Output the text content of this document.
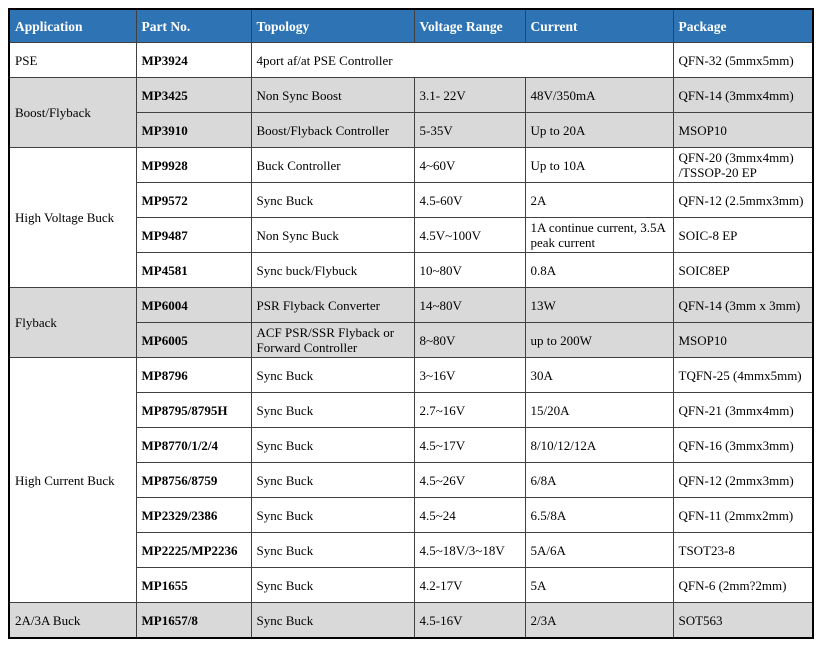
Application	Part No.	Topology	Voltage Range	Current	Package
PSE	MP3924	4port af/at PSE Controller			QFN-32 (5mmx5mm)
Boost/Flyback	MP3425	Non Sync Boost	3.1- 22V	48V/350mA	QFN-14 (3mmx4mm)
	MP3910	Boost/Flyback Controller	5-35V	Up to 20A	MSOP10
High Voltage Buck	MP9928	Buck Controller	4~60V	Up to 10A	QFN-20 (3mmx4mm) /TSSOP-20 EP
	MP9572	Sync Buck	4.5-60V	2A	QFN-12 (2.5mmx3mm)
	MP9487	Non Sync Buck	4.5V~100V	1A continue current, 3.5A peak current	SOIC-8 EP
	MP4581	Sync buck/Flybuck	10~80V	0.8A	SOIC8EP
Flyback	MP6004	PSR Flyback Converter	14~80V	13W	QFN-14 (3mm x 3mm)
	MP6005	ACF PSR/SSR Flyback or Forward Controller	8~80V	up to 200W	MSOP10
High Current Buck	MP8796	Sync Buck	3~16V	30A	TQFN-25 (4mmx5mm)
	MP8795/8795H	Sync Buck	2.7~16V	15/20A	QFN-21 (3mmx4mm)
	MP8770/1/2/4	Sync Buck	4.5~17V	8/10/12/12A	QFN-16 (3mmx3mm)
	MP8756/8759	Sync Buck	4.5~26V	6/8A	QFN-12 (2mmx3mm)
	MP2329/2386	Sync Buck	4.5~24	6.5/8A	QFN-11 (2mmx2mm)
	MP2225/MP2236	Sync Buck	4.5~18V/3~18V	5A/6A	TSOT23-8
	MP1655	Sync Buck	4.2-17V	5A	QFN-6 (2mm?2mm)
2A/3A Buck	MP1657/8	Sync Buck	4.5-16V	2/3A	SOT563
